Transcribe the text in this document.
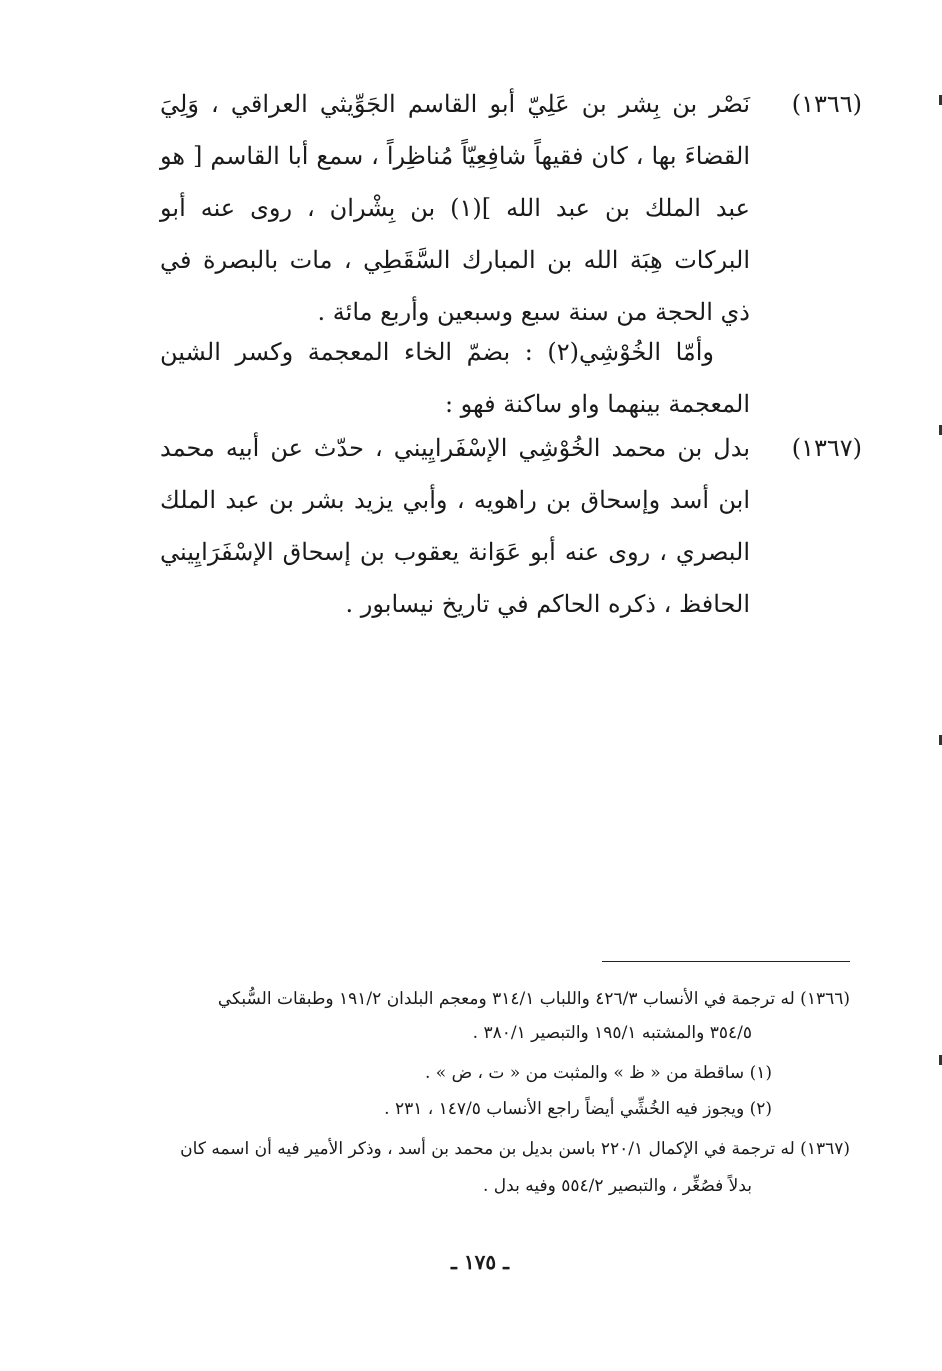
(١٣٦٦)
نَصْر بن بِشر بن عَلِيّ أبو القاسم الجَوِّيثي العراقي ، وَلِيَ القضاءَ بها ، كان فقيهاً شافِعِيّاً مُناظِراً ، سمع أبا القاسم [ هو عبد الملك بن عبد الله ](١) بن بِشْران ، روى عنه أبو البركات هِبَة الله بن المبارك السَّقَطِي ، مات بالبصرة في ذي الحجة من سنة سبع وسبعين وأربع مائة .
وأمّا الخُوْشِي(٢) : بضمّ الخاء المعجمة وكسر الشين المعجمة بينهما واو ساكنة فهو :
(١٣٦٧)
بدل بن محمد الخُوْشِي الإسْفَرايِيني ، حدّث عن أبيه محمد ابن أسد وإسحاق بن راهويه ، وأبي يزيد بشر بن عبد الملك البصري ، روى عنه أبو عَوَانة يعقوب بن إسحاق الإسْفَرَايِيني الحافظ ، ذكره الحاكم في تاريخ نيسابور .
(١٣٦٦) له ترجمة في الأنساب ٤٢٦/٣ واللباب ٣١٤/١ ومعجم البلدان ١٩١/٢ وطبقات السُّبكي
٣٥٤/٥ والمشتبه ١٩٥/١ والتبصير ٣٨٠/١ .
(١) ساقطة من « ظ » والمثبت من « ت ، ض » .
(٢) ويجوز فيه الخُشِّي أيضاً راجع الأنساب ١٤٧/٥ ، ٢٣١ .
(١٣٦٧) له ترجمة في الإكمال ٢٢٠/١ باسن بديل بن محمد بن أسد ، وذكر الأمير فيه أن اسمه كان
بدلاً فصُغِّر ، والتبصير ٥٥٤/٢ وفيه بدل .
ـ ١٧٥ ـ
